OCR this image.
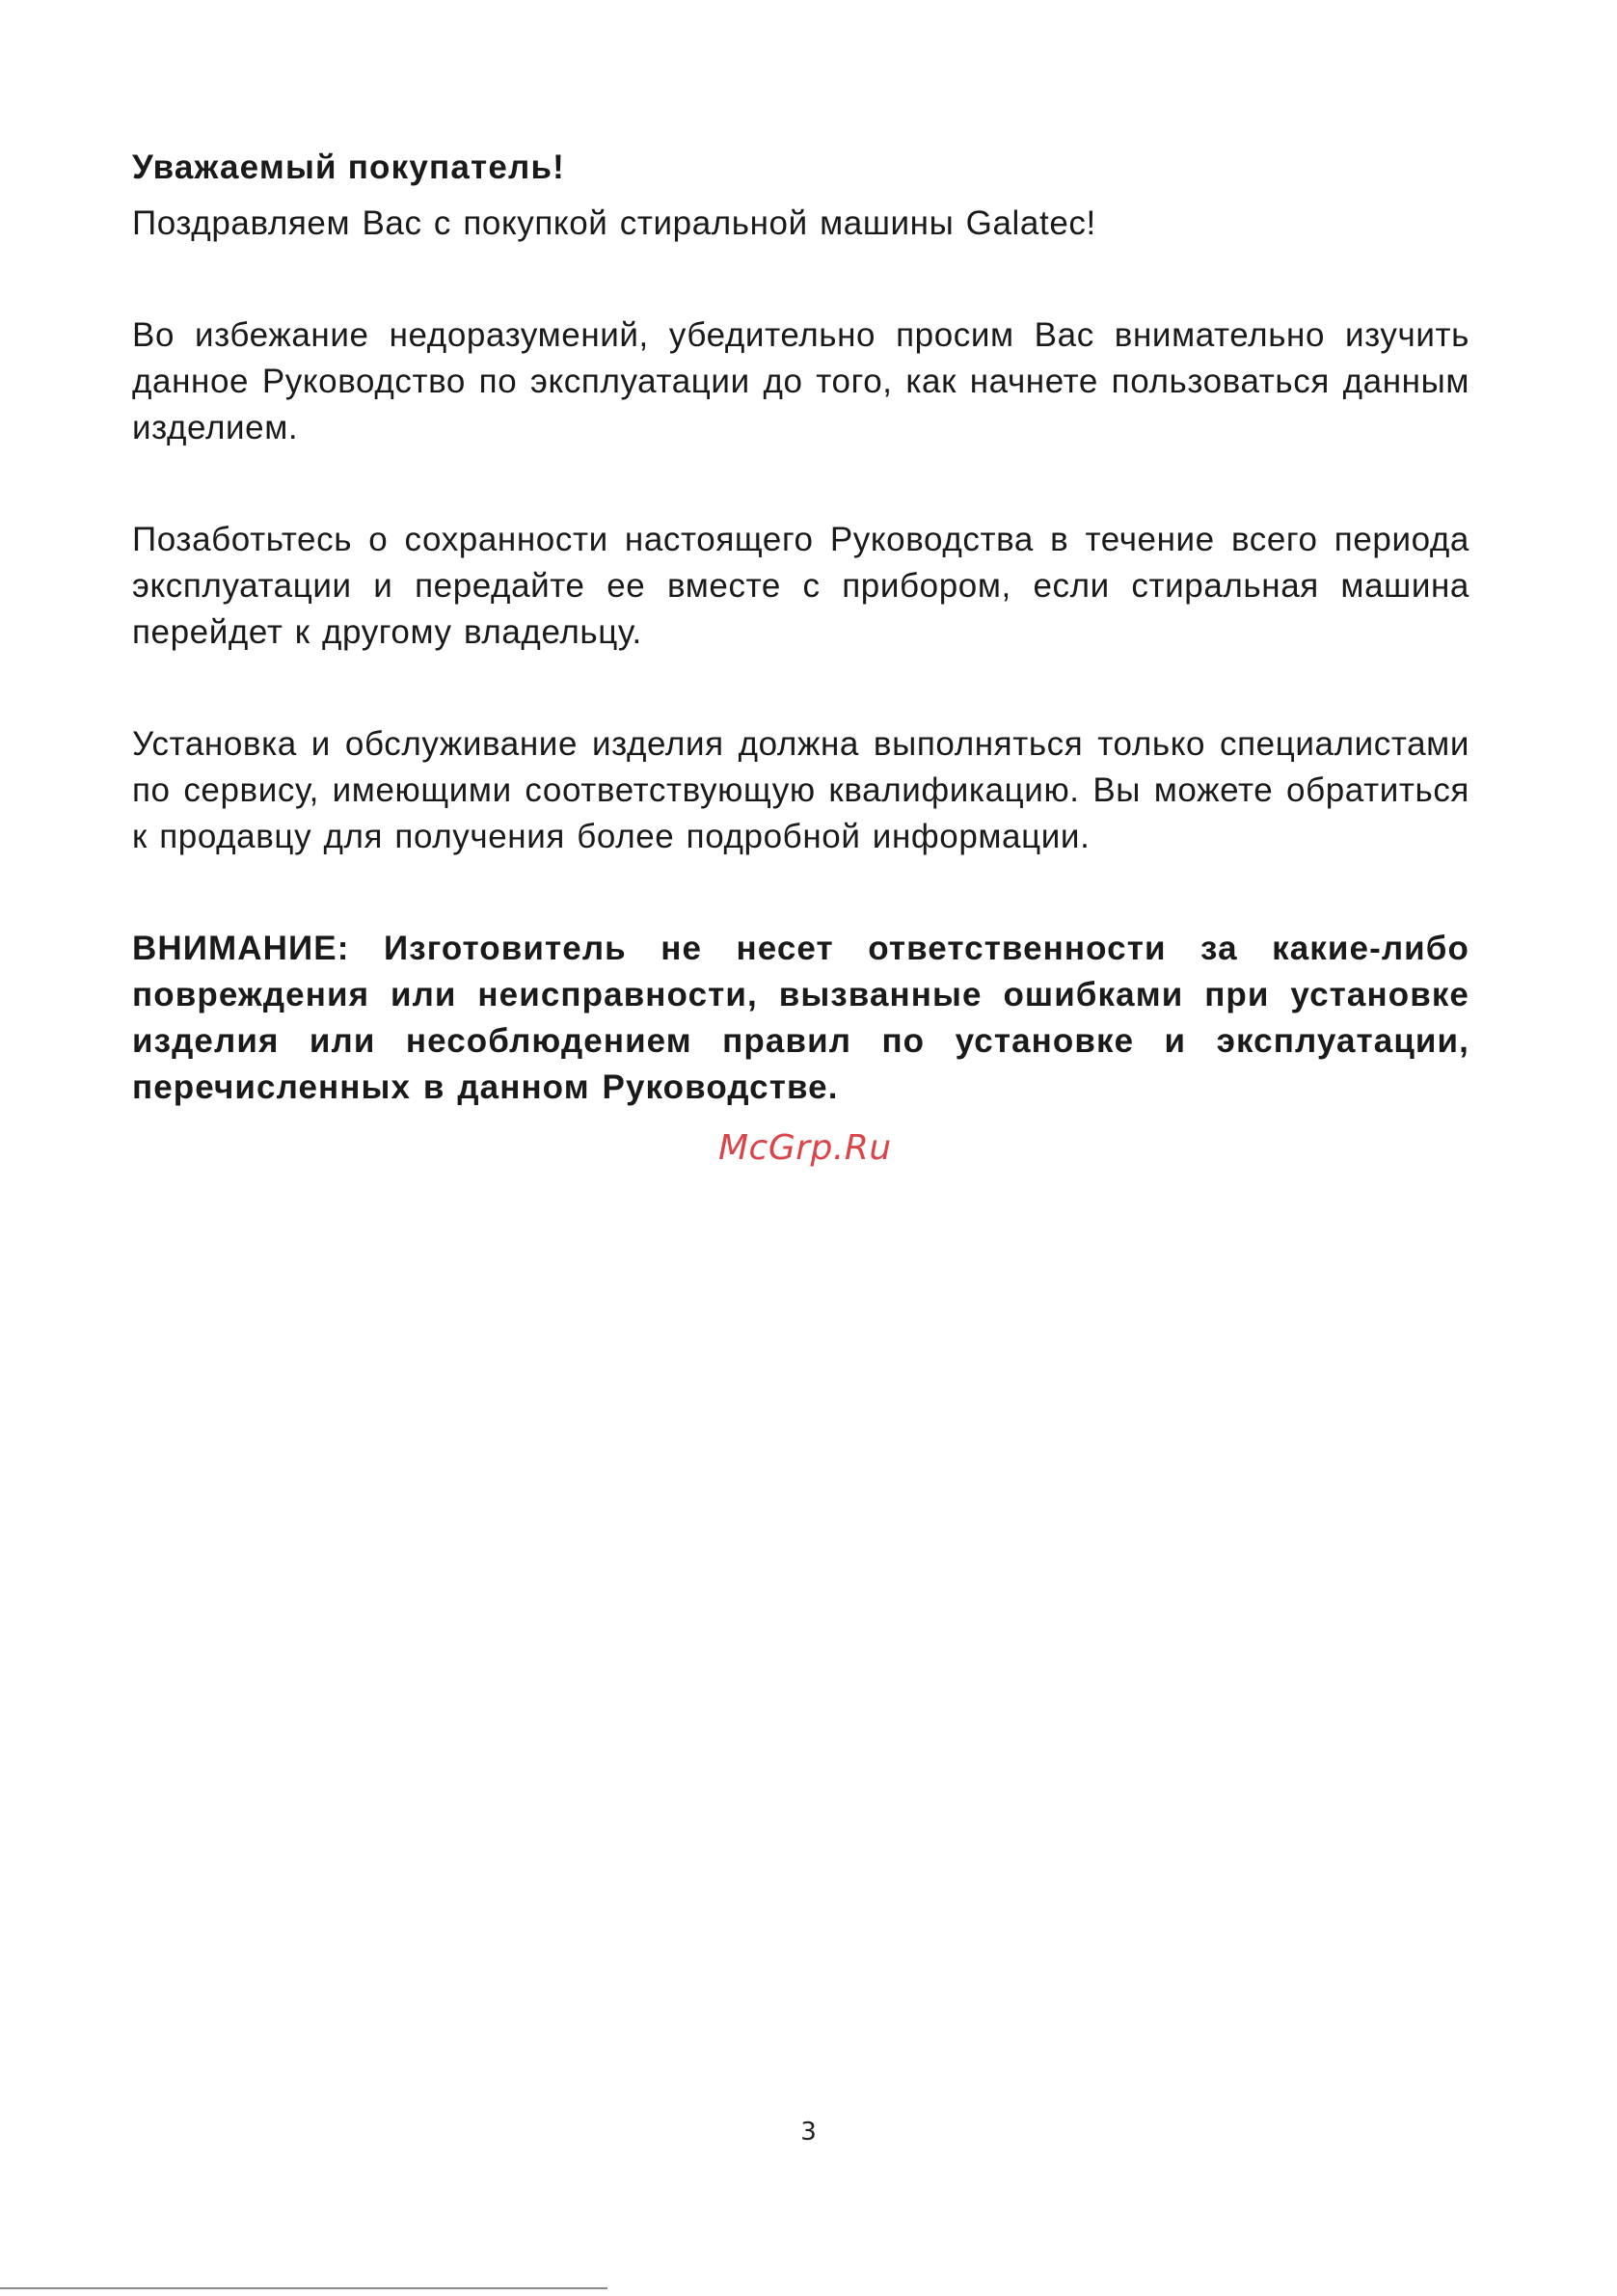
Уважаемый покупатель!

Поздравляем Вас с покупкой стиральной машины Galatec!

Во избежание недоразумений, убедительно просим Вас внимательно изучить данное Руководство по эксплуатации до того, как начнете пользоваться данным изделием.

Позаботьтесь о сохранности настоящего Руководства в течение всего периода эксплуатации и передайте ее вместе с прибором, если стиральная машина перейдет к другому владельцу.

Установка и обслуживание изделия должна выполняться только специалистами по сервису, имеющими соответствующую квалификацию. Вы можете обратиться к продавцу для получения более подробной информации.

ВНИМАНИЕ: Изготовитель не несет ответственности за какие-либо повреждения или неисправности, вызванные ошибками при установке изделия или несоблюдением правил по установке и эксплуатации, перечисленных в данном Руководстве.

McGrp.Ru
3
